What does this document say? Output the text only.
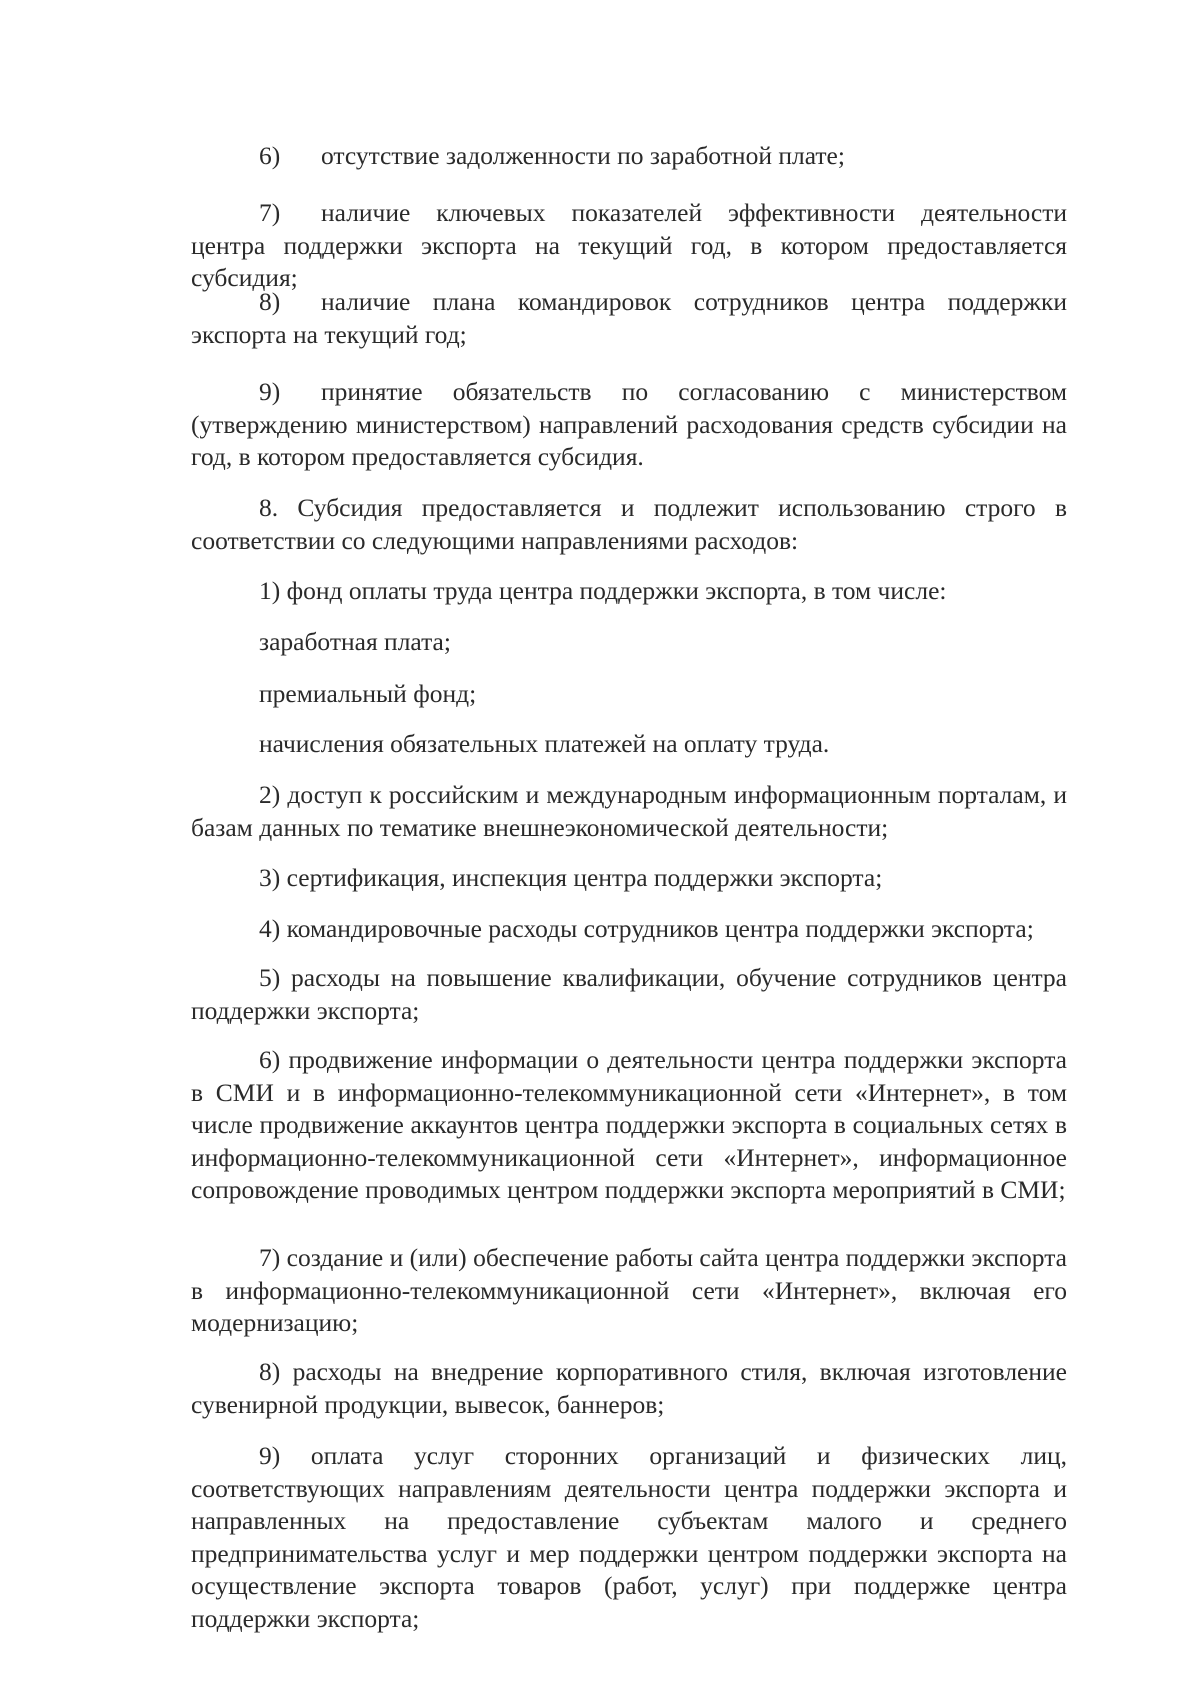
6) отсутствие задолженности по заработной плате;

7) наличие ключевых показателей эффективности деятельности центра поддержки экспорта на текущий год, в котором предоставляется субсидия;

8) наличие плана командировок сотрудников центра поддержки экспорта на текущий год;

9) принятие обязательств по согласованию с министерством (утверждению министерством) направлений расходования средств субсидии на год, в котором предоставляется субсидия.

8. Субсидия предоставляется и подлежит использованию строго в соответствии со следующими направлениями расходов:

1) фонд оплаты труда центра поддержки экспорта, в том числе:

заработная плата;

премиальный фонд;

начисления обязательных платежей на оплату труда.

2) доступ к российским и международным информационным порталам, и базам данных по тематике внешнеэкономической деятельности;

3) сертификация, инспекция центра поддержки экспорта;

4) командировочные расходы сотрудников центра поддержки экспорта;

5) расходы на повышение квалификации, обучение сотрудников центра поддержки экспорта;

6) продвижение информации о деятельности центра поддержки экспорта в СМИ и в информационно-телекоммуникационной сети «Интернет», в том числе продвижение аккаунтов центра поддержки экспорта в социальных сетях в информационно-телекоммуникационной сети «Интернет», информационное сопровождение проводимых центром поддержки экспорта мероприятий в СМИ;

7) создание и (или) обеспечение работы сайта центра поддержки экспорта в информационно-телекоммуникационной сети «Интернет», включая его модернизацию;

8) расходы на внедрение корпоративного стиля, включая изготовление сувенирной продукции, вывесок, баннеров;

9) оплата услуг сторонних организаций и физических лиц, соответствующих направлениям деятельности центра поддержки экспорта и направленных на предоставление субъектам малого и среднего предпринимательства услуг и мер поддержки центром поддержки экспорта на осуществление экспорта товаров (работ, услуг) при поддержке центра поддержки экспорта;
